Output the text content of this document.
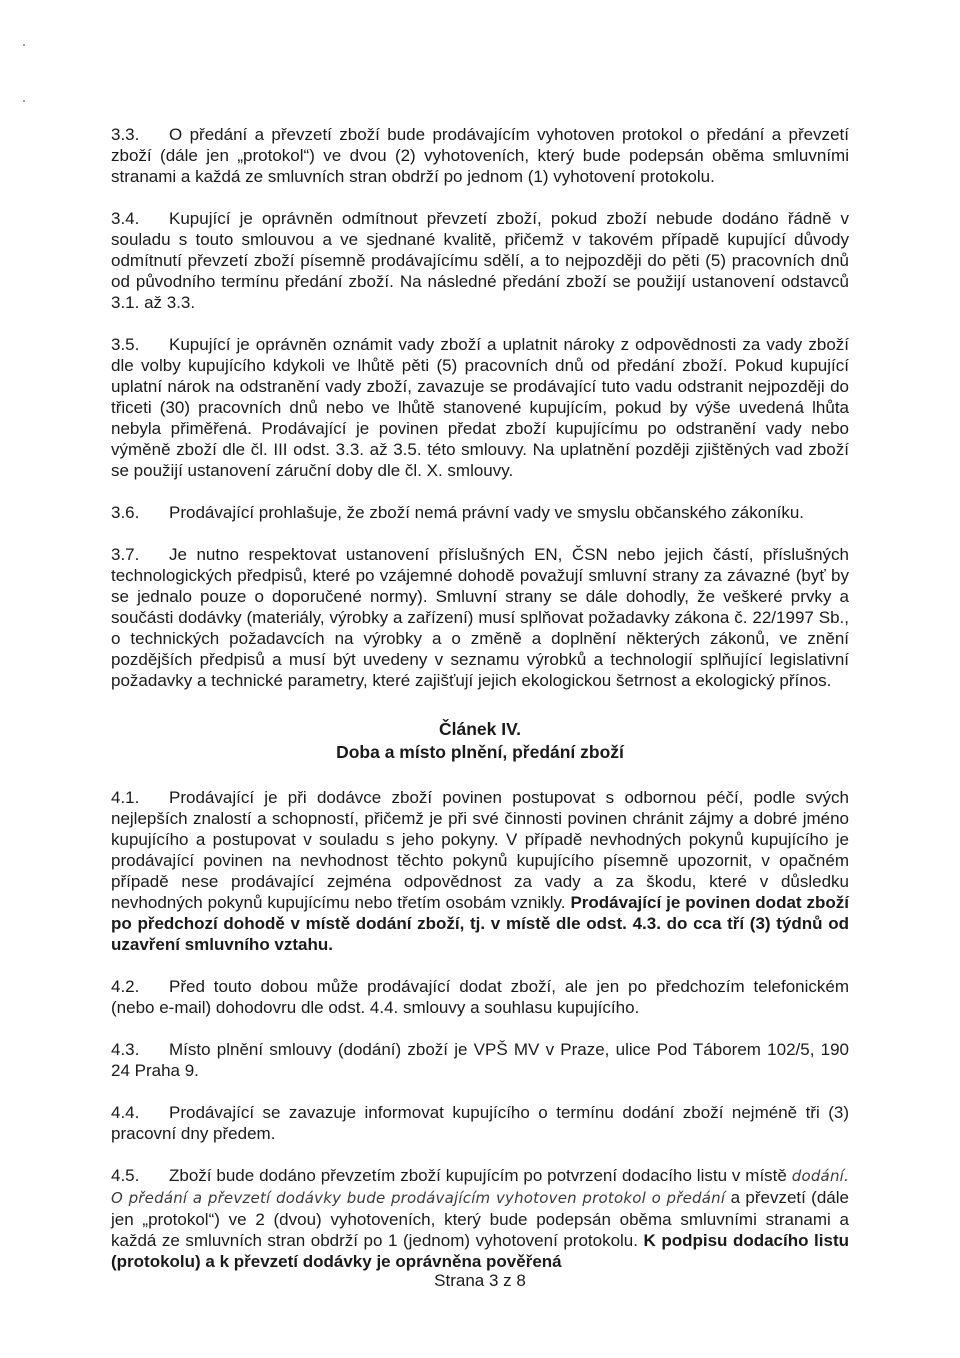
3.3. O předání a převzetí zboží bude prodávajícím vyhotoven protokol o předání a převzetí zboží (dále jen „protokol“) ve dvou (2) vyhotoveních, který bude podepsán oběma smluvními stranami a každá ze smluvních stran obdrží po jednom (1) vyhotovení protokolu.

3.4. Kupující je oprávněn odmítnout převzetí zboží, pokud zboží nebude dodáno řádně v souladu s touto smlouvou a ve sjednané kvalitě, přičemž v takovém případě kupující důvody odmítnutí převzetí zboží písemně prodávajícímu sdělí, a to nejpozději do pěti (5) pracovních dnů od původního termínu předání zboží. Na následné předání zboží se použijí ustanovení odstavců 3.1. až 3.3.

3.5. Kupující je oprávněn oznámit vady zboží a uplatnit nároky z odpovědnosti za vady zboží dle volby kupujícího kdykoli ve lhůtě pěti (5) pracovních dnů od předání zboží. Pokud kupující uplatní nárok na odstranění vady zboží, zavazuje se prodávající tuto vadu odstranit nejpozději do třiceti (30) pracovních dnů nebo ve lhůtě stanovené kupujícím, pokud by výše uvedená lhůta nebyla přiměřená. Prodávající je povinen předat zboží kupujícímu po odstranění vady nebo výměně zboží dle čl. III odst. 3.3. až 3.5. této smlouvy. Na uplatnění později zjištěných vad zboží se použijí ustanovení záruční doby dle čl. X. smlouvy.

3.6. Prodávající prohlašuje, že zboží nemá právní vady ve smyslu občanského zákoníku.

3.7. Je nutno respektovat ustanovení příslušných EN, ČSN nebo jejich částí, příslušných technologických předpisů, které po vzájemné dohodě považují smluvní strany za závazné (byť by se jednalo pouze o doporučené normy). Smluvní strany se dále dohodly, že veškeré prvky a součásti dodávky (materiály, výrobky a zařízení) musí splňovat požadavky zákona č. 22/1997 Sb., o technických požadavcích na výrobky a o změně a doplnění některých zákonů, ve znění pozdějších předpisů a musí být uvedeny v seznamu výrobků a technologií splňující legislativní požadavky a technické parametry, které zajišťují jejich ekologickou šetrnost a ekologický přínos.

Článek IV.

Doba a místo plnění, předání zboží

4.1. Prodávající je při dodávce zboží povinen postupovat s odbornou péčí, podle svých nejlepších znalostí a schopností, přičemž je při své činnosti povinen chránit zájmy a dobré jméno kupujícího a postupovat v souladu s jeho pokyny. V případě nevhodných pokynů kupujícího je prodávající povinen na nevhodnost těchto pokynů kupujícího písemně upozornit, v opačném případě nese prodávající zejména odpovědnost za vady a za škodu, které v důsledku nevhodných pokynů kupujícímu nebo třetím osobám vznikly. Prodávající je povinen dodat zboží po předchozí dohodě v místě dodání zboží, tj. v místě dle odst. 4.3. do cca tří (3) týdnů od uzavření smluvního vztahu.

4.2. Před touto dobou může prodávající dodat zboží, ale jen po předchozím telefonickém (nebo e-mail) dohodovru dle odst. 4.4. smlouvy a souhlasu kupujícího.

4.3. Místo plnění smlouvy (dodání) zboží je VPŠ MV v Praze, ulice Pod Táborem 102/5, 190 24 Praha 9.

4.4. Prodávající se zavazuje informovat kupujícího o termínu dodání zboží nejméně tři (3) pracovní dny předem.

4.5. Zboží bude dodáno převzetím zboží kupujícím po potvrzení dodacího listu v místě dodání. O předání a převzetí dodávky bude prodávajícím vyhotoven protokol o předání a převzetí (dále jen „protokol“) ve 2 (dvou) vyhotoveních, který bude podepsán oběma smluvními stranami a každá ze smluvních stran obdrží po 1 (jednom) vyhotovení protokolu. K podpisu dodacího listu (protokolu) a k převzetí dodávky je oprávněna pověřená

Strana 3 z 8
